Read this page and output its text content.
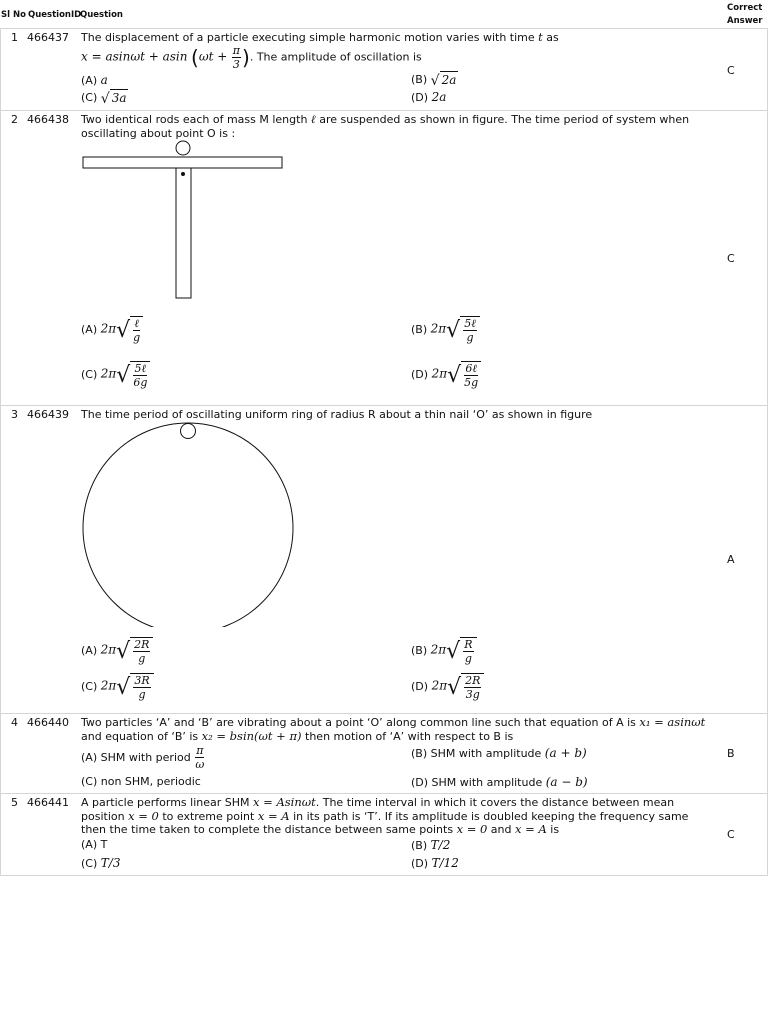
Sl No QuestionID
Question
Correct
Answer
1 466437 The displacement of a particle executing simple harmonic motion varies with time t as
x = asinωt + asin ($\omega t + \frac{\pi}{3}$ ). The amplitude of oscillation is
(A) a	(B) √ 2a
(C) √ 3a	(D) 2a
C
2 466438 Two identical rods each of mass M length ℓ are suspended as shown in figure. The time period of system when oscillating about point O is :
(A) $2\pi√ \frac{\text{ℓ}}{g}$	(B) $2\pi√ \frac{\text{5ℓ}}{g}$
(C) $2\pi√ \frac{\text{5ℓ}}{6g}$	(D) $2\pi√ \frac{\text{6ℓ}}{5g}$
C
3 466439 The time period of oscillating uniform ring of radius R about a thin nail ‘O’ as shown in figure
(A) $2\pi√ \frac{2R}{g}$	(B) $2\pi√ \frac{R}{g}$
(C) $2\pi√ \frac{3R}{g}$	(D) $2\pi√ \frac{2R}{3g}$
A
4 466440 Two particles ‘A’ and ‘B’ are vibrating about a point ‘O’ along common line such that equation of A is x₁ = asinωt
and equation of ‘B’ is x₂ = bsin(ωt + π) then motion of ‘A’ with respect to B is
(A) SHM with period $\frac{\pi}{\omega}$	(B) SHM with amplitude (a + b)
(C) non SHM, periodic	(D) SHM with amplitude (a − b)
B
5 466441 A particle performs linear SHM x = Asinωt. The time interval in which it covers the distance between mean position x = 0 to extreme point x = A in its path is ‘T’. If its amplitude is doubled keeping the frequency same then the time taken to complete the distance between same points x = 0 and x = A is
(A) T	(B) T/2
(C) T/3	(D) T/12
C
